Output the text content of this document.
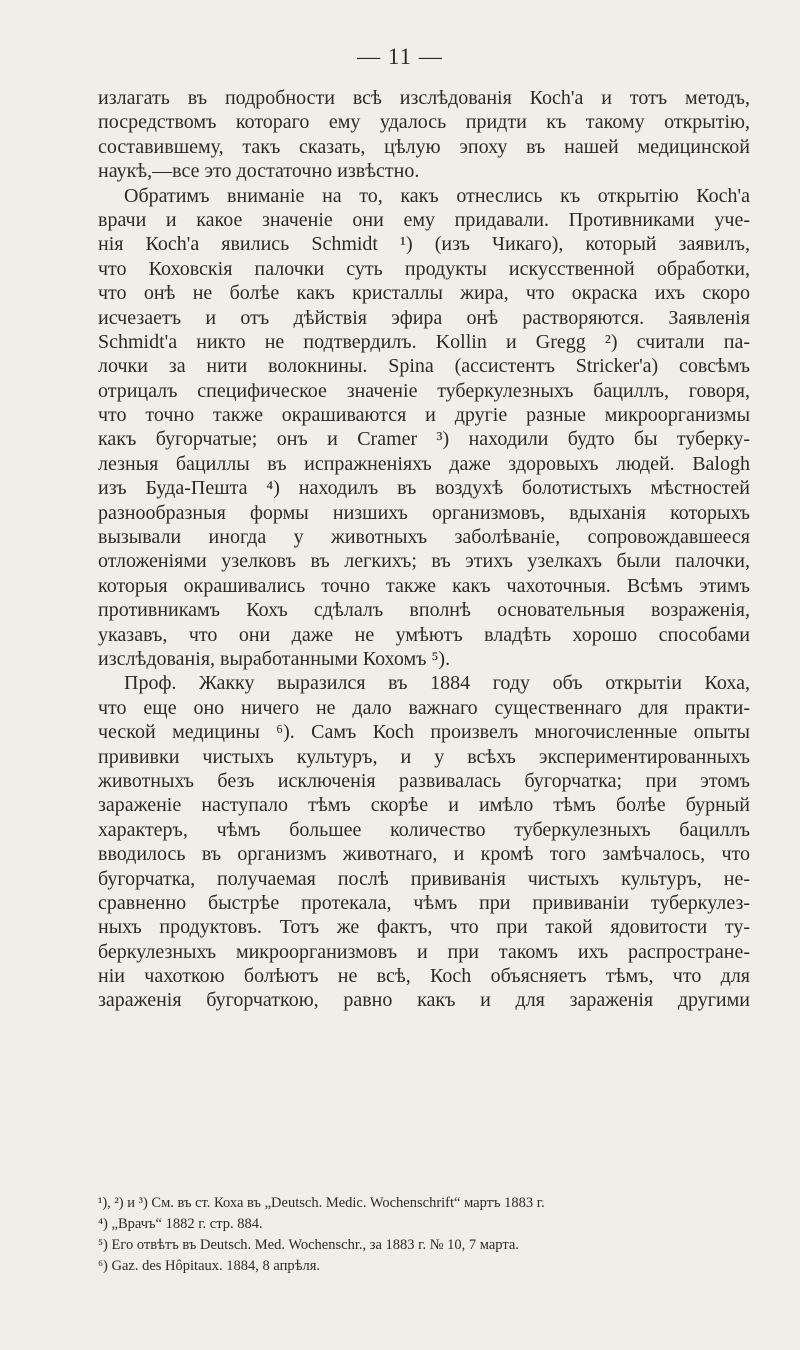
— 11 —
излагать въ подробности всѣ изслѣдованія Коcһ'а и тотъ методъ,
посредствомъ котораго ему удалось придти къ такому открытію,
составившему, такъ сказать, цѣлую эпоху въ нашей медицинской
наукѣ,—все это достаточно извѣстно.
Обратимъ вниманіе на то, какъ отнеслись къ открытію Коcһ'а
врачи и какое значеніе они ему придавали. Противниками уче-
нія Коcһ'а явились Schmidt ¹) (изъ Чикаго), который заявилъ,
что Коховскія палочки суть продукты искусственной обработки,
что онѣ не болѣе какъ кристаллы жира, что окраска ихъ скоро
исчезаетъ и отъ дѣйствія эфира онѣ растворяются. Заявленія
Schmidt'а никто не подтвердилъ. Kollin и Gregg ²) считали па-
лочки за нити волокнины. Spina (ассистентъ Stricker'а) совсѣмъ
отрицалъ специфическое значеніе туберкулезныхъ бациллъ, говоря,
что точно также окрашиваются и другіе разные микроорганизмы
какъ бугорчатые; онъ и Cramer ³) находили будто бы туберку-
лезныя бациллы въ испражненіяхъ даже здоровыхъ людей. Balogh
изъ Буда-Пешта ⁴) находилъ въ воздухѣ болотистыхъ мѣстностей
разнообразныя формы низшихъ организмовъ, вдыханія которыхъ
вызывали иногда у животныхъ заболѣваніе, сопровождавшееся
отложеніями узелковъ въ легкихъ; въ этихъ узелкахъ были палочки,
которыя окрашивались точно также какъ чахоточныя. Всѣмъ этимъ
противникамъ Кохъ сдѣлалъ вполнѣ основательныя возраженія,
указавъ, что они даже не умѣютъ владѣть хорошо способами
изслѣдованія, выработанными Кохомъ ⁵).
Проф. Жакку выразился въ 1884 году объ открытіи Коха,
что еще оно ничего не дало важнаго существеннаго для практи-
ческой медицины ⁶). Самъ Коcһ произвелъ многочисленные опыты
прививки чистыхъ культуръ, и у всѣхъ экспериментированныхъ
животныхъ безъ исключенія развивалась бугорчатка; при этомъ
зараженіе наступало тѣмъ скорѣе и имѣло тѣмъ болѣе бурный
характеръ, чѣмъ большее количество туберкулезныхъ бациллъ
вводилось въ организмъ животнаго, и кромѣ того замѣчалось, что
бугорчатка, получаемая послѣ прививанія чистыхъ культуръ, не-
сравненно быстрѣе протекала, чѣмъ при прививаніи туберкулез-
ныхъ продуктовъ. Тотъ же фактъ, что при такой ядовитости ту-
беркулезныхъ микроорганизмовъ и при такомъ ихъ распростране-
ніи чахоткою болѣютъ не всѣ, Коcһ объясняетъ тѣмъ, что для
зараженія бугорчаткою, равно какъ и для зараженія другими
¹), ²) и ³) См. въ ст. Коха въ „Deutsch. Medic. Wochenschrift“ мартъ 1883 г.
⁴) „Врачъ“ 1882 г. стр. 884.
⁵) Его отвѣтъ въ Deutsch. Med. Wochenschr., за 1883 г. № 10, 7 марта.
⁶) Gaz. des Hôpitaux. 1884, 8 апрѣля.
